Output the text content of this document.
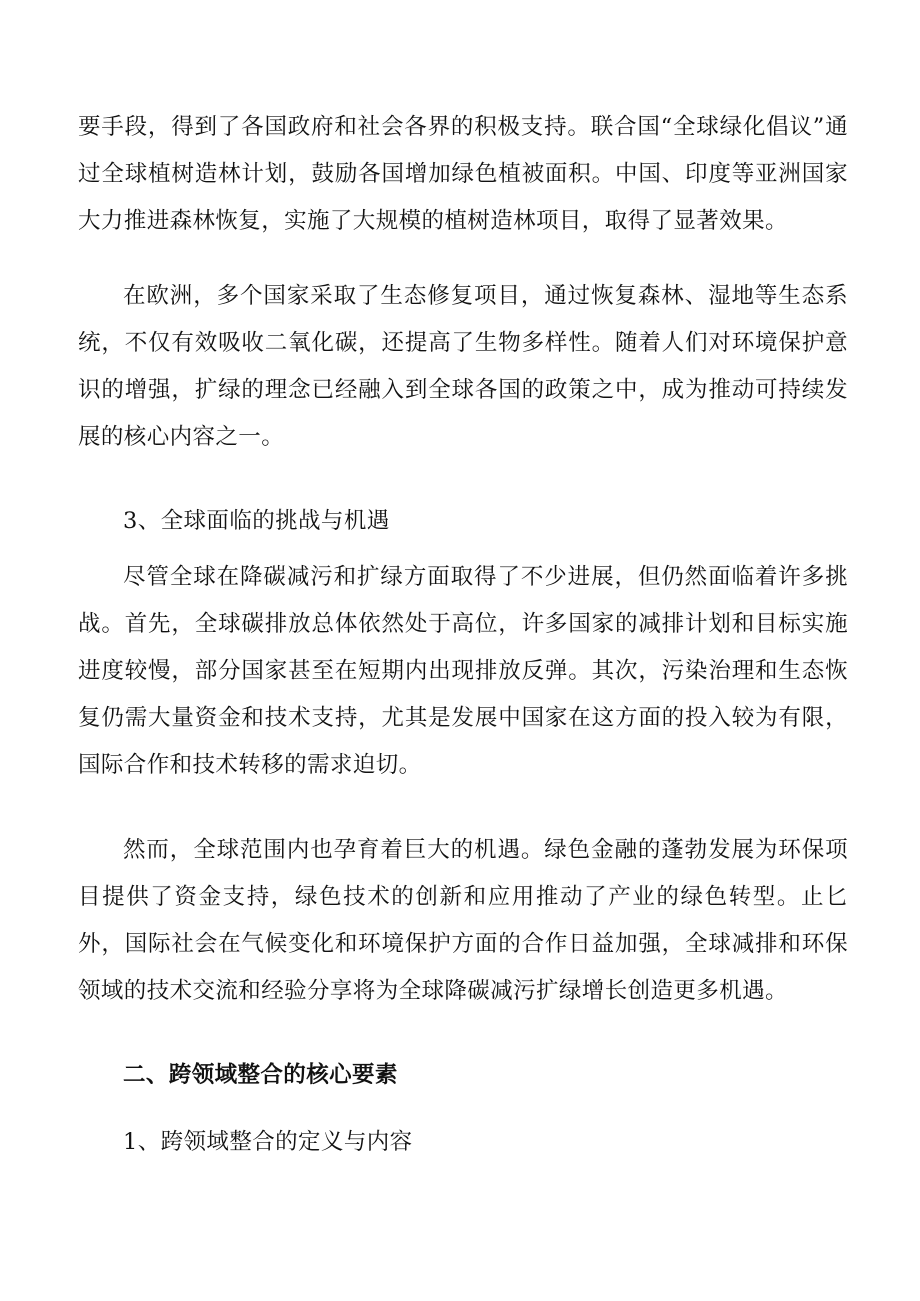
要手段，得到了各国政府和社会各界的积极支持。联合国“全球绿化倡议”通过全球植树造林计划，鼓励各国增加绿色植被面积。中国、印度等亚洲国家大力推进森林恢复，实施了大规模的植树造林项目，取得了显著效果。

在欧洲，多个国家采取了生态修复项目，通过恢复森林、湿地等生态系统，不仅有效吸收二氧化碳，还提高了生物多样性。随着人们对环境保护意识的增强，扩绿的理念已经融入到全球各国的政策之中，成为推动可持续发展的核心内容之一。

3、全球面临的挑战与机遇

尽管全球在降碳减污和扩绿方面取得了不少进展，但仍然面临着许多挑战。首先，全球碳排放总体依然处于高位，许多国家的减排计划和目标实施进度较慢，部分国家甚至在短期内出现排放反弹。其次，污染治理和生态恢复仍需大量资金和技术支持，尤其是发展中国家在这方面的投入较为有限，国际合作和技术转移的需求迫切。

然而，全球范围内也孕育着巨大的机遇。绿色金融的蓬勃发展为环保项目提供了资金支持，绿色技术的创新和应用推动了产业的绿色转型。止匕外，国际社会在气候变化和环境保护方面的合作日益加强，全球减排和环保领域的技术交流和经验分享将为全球降碳减污扩绿增长创造更多机遇。

二、跨领域整合的核心要素

1、跨领域整合的定义与内容
